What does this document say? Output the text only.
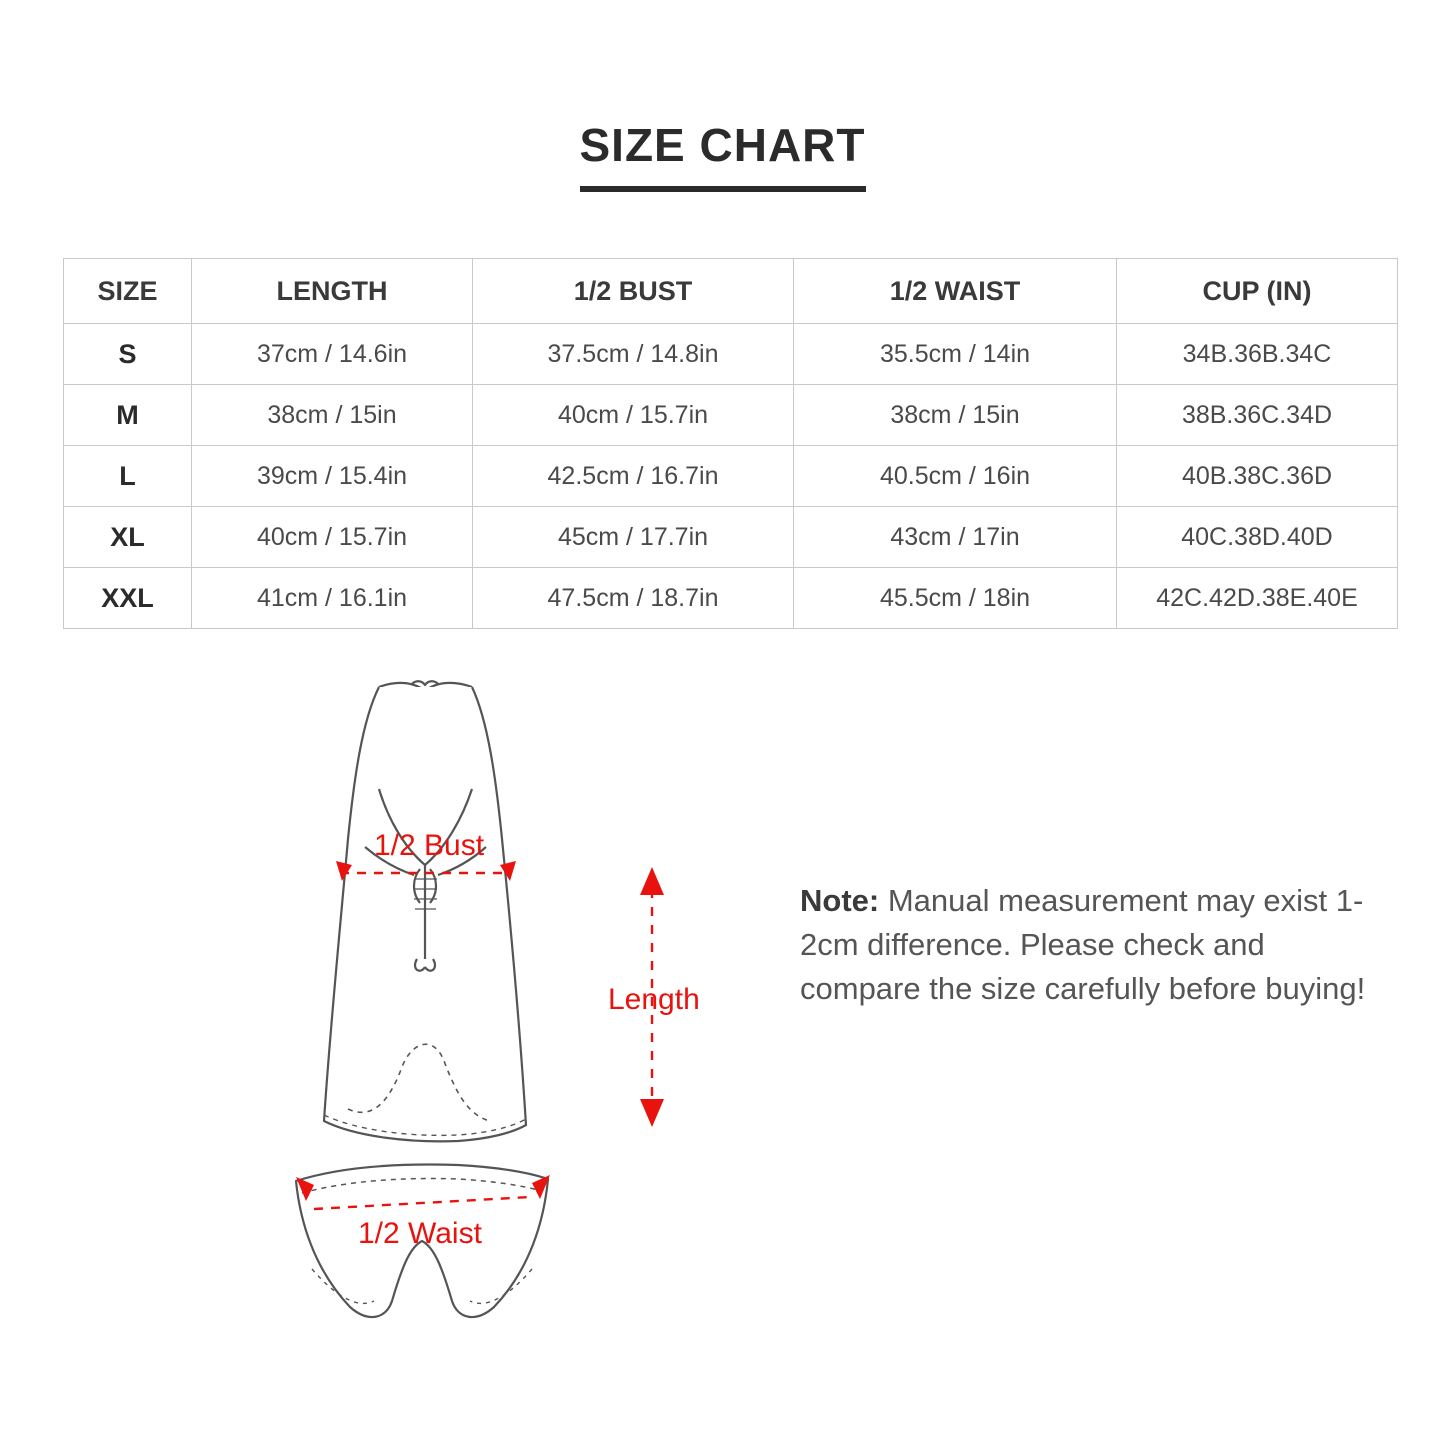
SIZE CHART
SIZE	LENGTH	1/2 BUST	1/2 WAIST	CUP (IN)
S	37cm / 14.6in	37.5cm / 14.8in	35.5cm / 14in	34B.36B.34C
M	38cm / 15in	40cm / 15.7in	38cm / 15in	38B.36C.34D
L	39cm / 15.4in	42.5cm / 16.7in	40.5cm / 16in	40B.38C.36D
XL	40cm / 15.7in	45cm / 17.7in	43cm / 17in	40C.38D.40D
XXL	41cm / 16.1in	47.5cm / 18.7in	45.5cm / 18in	42C.42D.38E.40E
1/2 Bust
1/2 Waist
Length
Note: Manual measurement may exist 1-2cm difference. Please check and compare the size carefully before buying!
